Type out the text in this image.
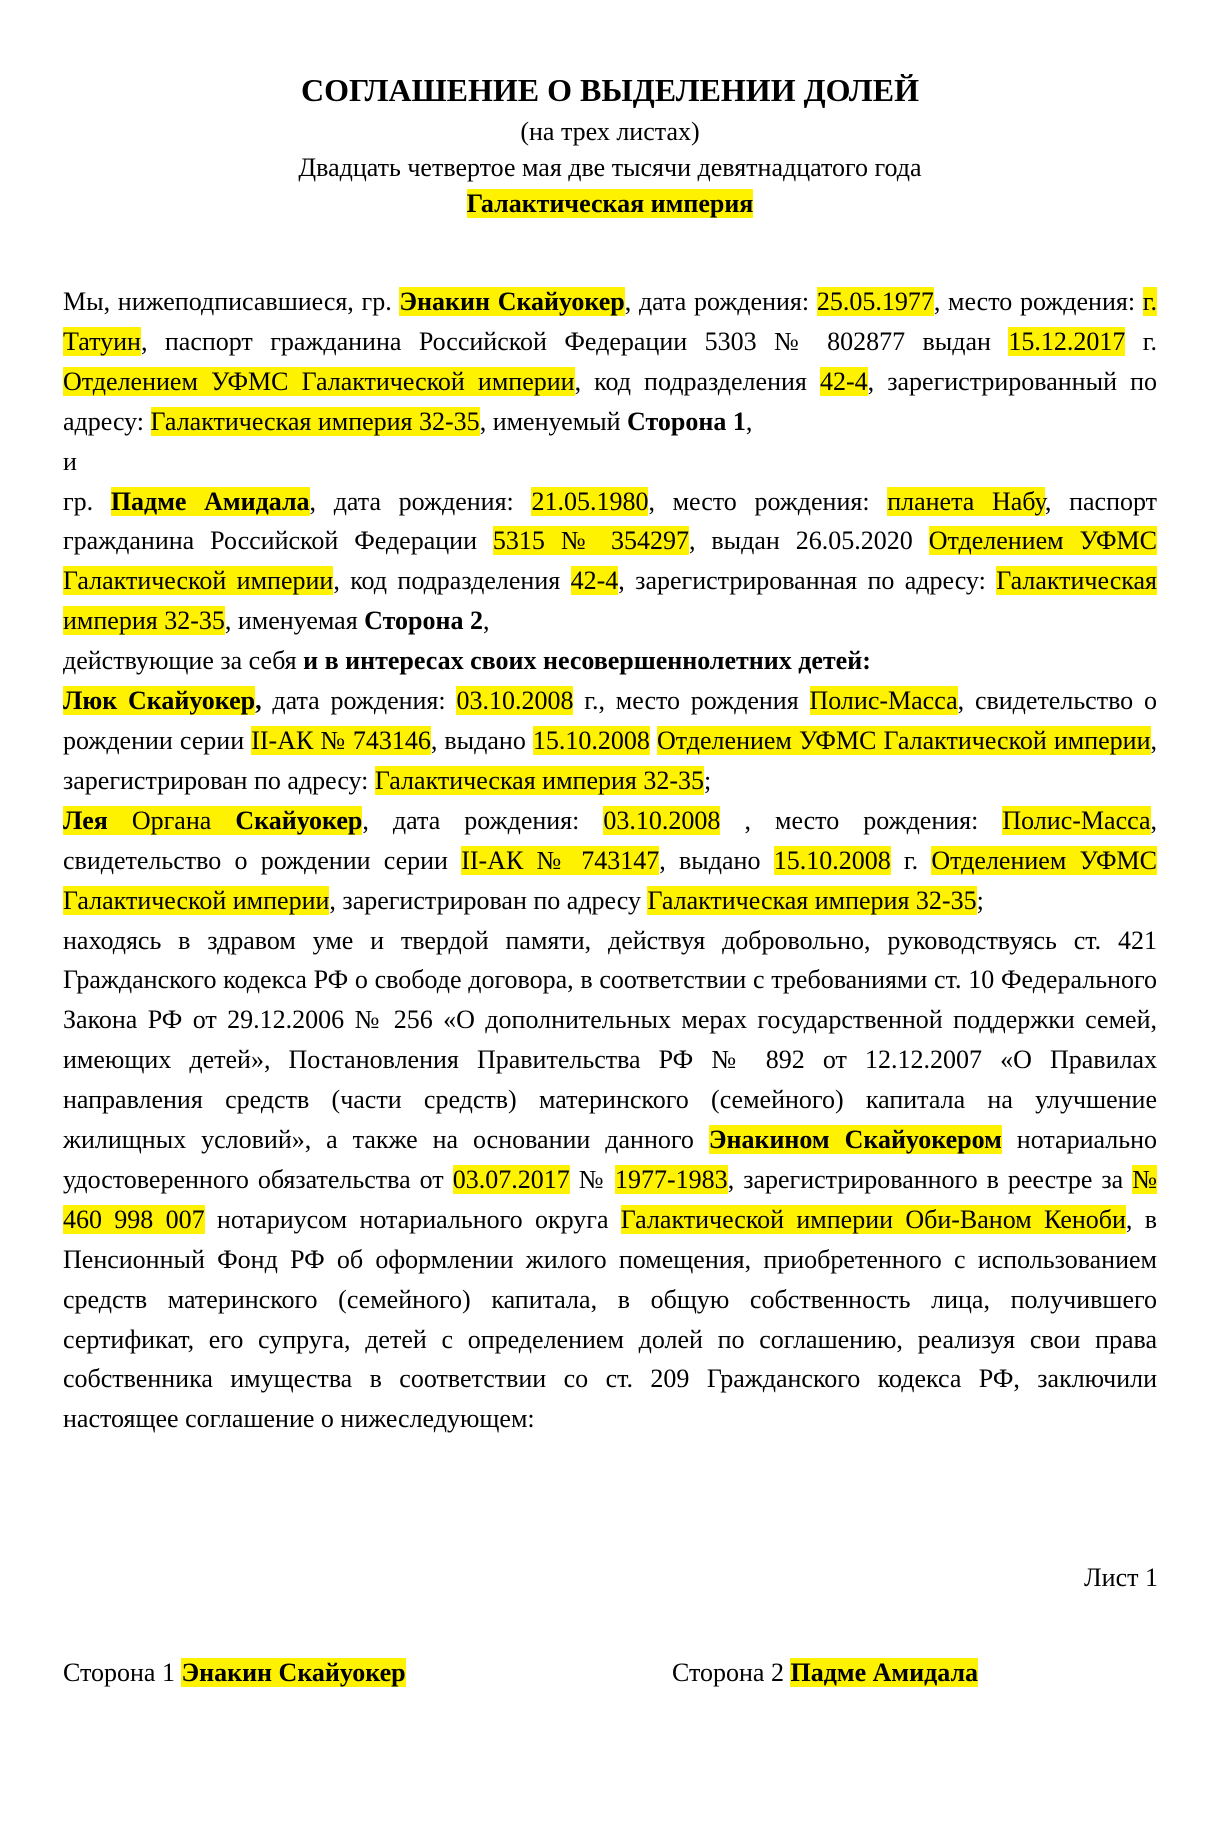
СОГЛАШЕНИЕ О ВЫДЕЛЕНИИ ДОЛЕЙ
(на трех листах)
Двадцать четвертое мая две тысячи девятнадцатого года
Галактическая империя

Мы, нижеподписавшиеся, гр. Энакин Скайуокер, дата рождения: 25.05.1977, место рождения: г. Татуин, паспорт гражданина Российской Федерации 5303 № 802877 выдан 15.12.2017 г. Отделением УФМС Галактической империи, код подразделения 42-4, зарегистрированный по адресу: Галактическая империя 32-35, именуемый Сторона 1,

и

гр. Падме Амидала, дата рождения: 21.05.1980, место рождения: планета Набу, паспорт гражданина Российской Федерации 5315 № 354297, выдан 26.05.2020 Отделением УФМС Галактической империи, код подразделения 42-4, зарегистрированная по адресу: Галактическая империя 32-35, именуемая Сторона 2,

действующие за себя и в интересах своих несовершеннолетних детей:

Люк Скайуокер, дата рождения: 03.10.2008 г., место рождения Полис-Масса, свидетельство о рождении серии II-АК № 743146, выдано 15.10.2008 Отделением УФМС Галактической империи, зарегистрирован по адресу: Галактическая империя 32-35;

Лея Органа Скайуокер, дата рождения: 03.10.2008 , место рождения: Полис-Масса, свидетельство о рождении серии II-АК № 743147, выдано 15.10.2008 г. Отделением УФМС Галактической империи, зарегистрирован по адресу Галактическая империя 32-35;

находясь в здравом уме и твердой памяти, действуя добровольно, руководствуясь ст. 421 Гражданского кодекса РФ о свободе договора, в соответствии с требованиями ст. 10 Федерального Закона РФ от 29.12.2006 № 256 «О дополнительных мерах государственной поддержки семей, имеющих детей», Постановления Правительства РФ № 892 от 12.12.2007 «О Правилах направления средств (части средств) материнского (семейного) капитала на улучшение жилищных условий», а также на основании данного Энакином Скайуокером нотариально удостоверенного обязательства от 03.07.2017 № 1977-1983, зарегистрированного в реестре за № 460 998 007 нотариусом нотариального округа Галактической империи Оби-Ваном Кеноби, в Пенсионный Фонд РФ об оформлении жилого помещения, приобретенного с использованием средств материнского (семейного) капитала, в общую собственность лица, получившего сертификат, его супруга, детей с определением долей по соглашению, реализуя свои права собственника имущества в соответствии со ст. 209 Гражданского кодекса РФ, заключили настоящее соглашение о нижеследующем:

Лист 1
Сторона 1 Энакин Скайуокер	Сторона 2 Падме Амидала
